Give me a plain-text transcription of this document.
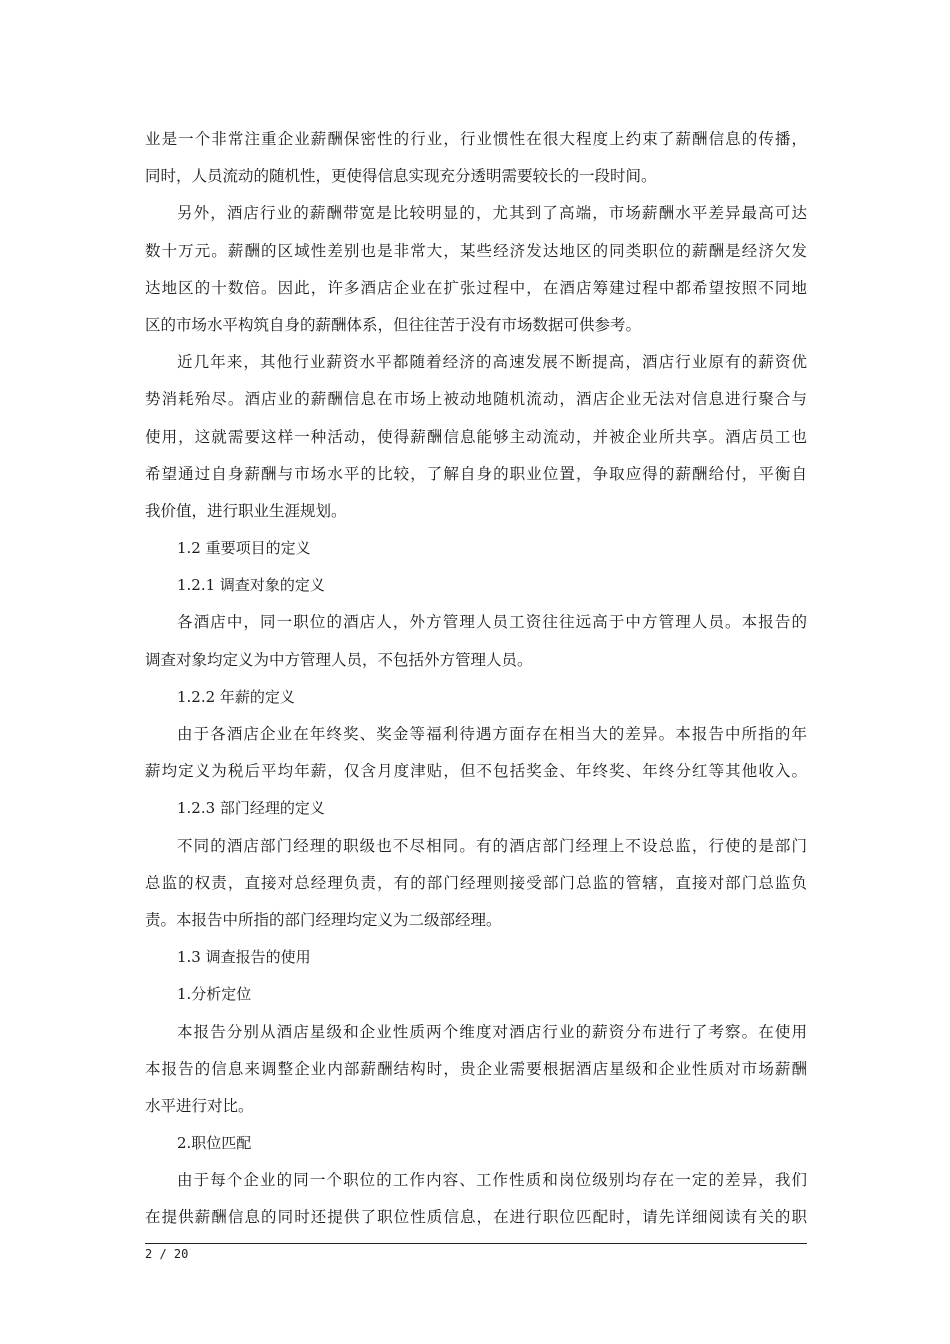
业是一个非常注重企业薪酬保密性的行业，行业惯性在很大程度上约束了薪酬信息的传播，
同时，人员流动的随机性，更使得信息实现充分透明需要较长的一段时间。
另外，酒店行业的薪酬带宽是比较明显的，尤其到了高端，市场薪酬水平差异最高可达
数十万元。薪酬的区域性差别也是非常大，某些经济发达地区的同类职位的薪酬是经济欠发
达地区的十数倍。因此，许多酒店企业在扩张过程中，在酒店筹建过程中都希望按照不同地
区的市场水平构筑自身的薪酬体系，但往往苦于没有市场数据可供参考。
近几年来，其他行业薪资水平都随着经济的高速发展不断提高，酒店行业原有的薪资优
势消耗殆尽。酒店业的薪酬信息在市场上被动地随机流动，酒店企业无法对信息进行聚合与
使用，这就需要这样一种活动，使得薪酬信息能够主动流动，并被企业所共享。酒店员工也
希望通过自身薪酬与市场水平的比较，了解自身的职业位置，争取应得的薪酬给付，平衡自
我价值，进行职业生涯规划。
1.2 重要项目的定义
1.2.1 调查对象的定义
各酒店中，同一职位的酒店人，外方管理人员工资往往远高于中方管理人员。本报告的
调查对象均定义为中方管理人员，不包括外方管理人员。
1.2.2 年薪的定义
由于各酒店企业在年终奖、奖金等福利待遇方面存在相当大的差异。本报告中所指的年
薪均定义为税后平均年薪，仅含月度津贴，但不包括奖金、年终奖、年终分红等其他收入。
1.2.3 部门经理的定义
不同的酒店部门经理的职级也不尽相同。有的酒店部门经理上不设总监，行使的是部门
总监的权责，直接对总经理负责，有的部门经理则接受部门总监的管辖，直接对部门总监负
责。本报告中所指的部门经理均定义为二级部经理。
1.3 调查报告的使用
1.分析定位
本报告分别从酒店星级和企业性质两个维度对酒店行业的薪资分布进行了考察。在使用
本报告的信息来调整企业内部薪酬结构时，贵企业需要根据酒店星级和企业性质对市场薪酬
水平进行对比。
2.职位匹配
由于每个企业的同一个职位的工作内容、工作性质和岗位级别均存在一定的差异，我们
在提供薪酬信息的同时还提供了职位性质信息，在进行职位匹配时，请先详细阅读有关的职
2 / 20
